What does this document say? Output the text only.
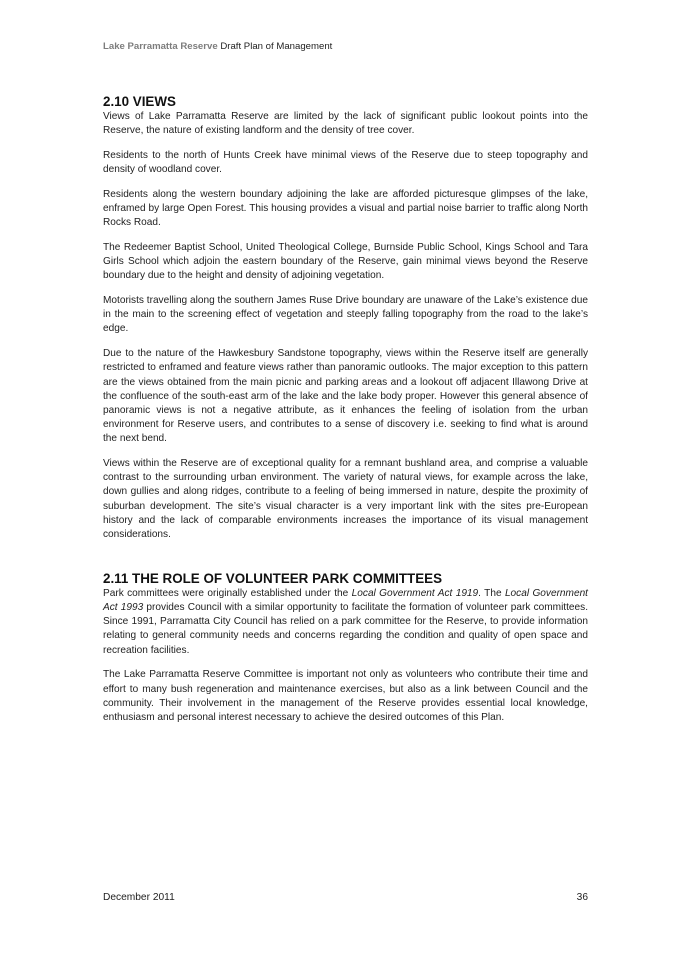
Lake Parramatta Reserve Draft Plan of Management
2.10 VIEWS

Views of Lake Parramatta Reserve are limited by the lack of significant public lookout points into the Reserve, the nature of existing landform and the density of tree cover.

Residents to the north of Hunts Creek have minimal views of the Reserve due to steep topography and density of woodland cover.

Residents along the western boundary adjoining the lake are afforded picturesque glimpses of the lake, enframed by large Open Forest. This housing provides a visual and partial noise barrier to traffic along North Rocks Road.

The Redeemer Baptist School, United Theological College, Burnside Public School, Kings School and Tara Girls School which adjoin the eastern boundary of the Reserve, gain minimal views beyond the Reserve boundary due to the height and density of adjoining vegetation.

Motorists travelling along the southern James Ruse Drive boundary are unaware of the Lake’s existence due in the main to the screening effect of vegetation and steeply falling topography from the road to the lake’s edge.

Due to the nature of the Hawkesbury Sandstone topography, views within the Reserve itself are generally restricted to enframed and feature views rather than panoramic outlooks. The major exception to this pattern are the views obtained from the main picnic and parking areas and a lookout off adjacent Illawong Drive at the confluence of the south-east arm of the lake and the lake body proper. However this general absence of panoramic views is not a negative attribute, as it enhances the feeling of isolation from the urban environment for Reserve users, and contributes to a sense of discovery i.e. seeking to find what is around the next bend.

Views within the Reserve are of exceptional quality for a remnant bushland area, and comprise a valuable contrast to the surrounding urban environment. The variety of natural views, for example across the lake, down gullies and along ridges, contribute to a feeling of being immersed in nature, despite the proximity of suburban development. The site’s visual character is a very important link with the sites pre-European history and the lack of comparable environments increases the importance of its visual management considerations.

2.11 THE ROLE OF VOLUNTEER PARK COMMITTEES

Park committees were originally established under the Local Government Act 1919. The Local Government Act 1993 provides Council with a similar opportunity to facilitate the formation of volunteer park committees. Since 1991, Parramatta City Council has relied on a park committee for the Reserve, to provide information relating to general community needs and concerns regarding the condition and quality of open space and recreation facilities.

The Lake Parramatta Reserve Committee is important not only as volunteers who contribute their time and effort to many bush regeneration and maintenance exercises, but also as a link between Council and the community. Their involvement in the management of the Reserve provides essential local knowledge, enthusiasm and personal interest necessary to achieve the desired outcomes of this Plan.

December 2011	36
